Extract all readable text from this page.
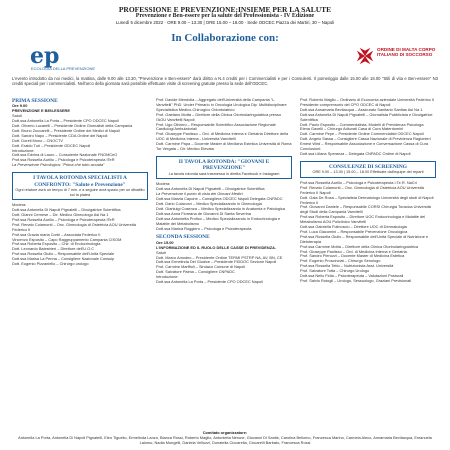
ep
ECOLOGIA DELLA PREVENZIONE
PROFESSIONE E PREVENZIONE:INSIEME PER LA SALUTE
Prevenzione e Ben-essere per la salute del Professionista - IV Edizione
Lunedì 5 dicembre 2022 · ORE 9.00 – 13.30 | ORE 15.00 – 18.00 · Sede ODCEC Piazza dei Martiri, 30 – Napoli
In Collaborazione con:
ORDINE DI MALTA CORPO ITALIANO DI SOCCORSO
L'evento introdotto da noi medici, la mattina, dalle 9.00 alle 13.30, "Prevenzione e Ben-essere" darà diritto a N.4 crediti per i Commercialisti e per i Consulenti. Il pomeriggio dalle 15.00 alle 18.00 "Stili di vita e Ben-essere" N3 crediti speciali per i commercialisti. Nell'arco della giornata sarà possibile effettuare visite di screening gratuite presso la sede dell'ODCEC.
PRIMA SESSIONE
Ore 9.00
PREVENZIONE E BEN-ESSERE
Saluti
Dott.ssa Antonella La Porta – Presidente CPO ODCEC Napoli
Dott. Oliverio Lucarelli – Presidente Ordine Giornalisti della Campania
Dott. Bruno Zuccarelli – Presidente Ordine dei Medici di Napoli
Dott. Sandro Napo – Presidente CDA Ordine dei Napoli
Dott. Dorell Mono – CNOCTV
Dott. Eraldo Turi – Presidente ODCEC Napoli
Introduzione:
Dott.ssa Edvina di Lauro – Consulente Nazionale FNOMCeO
Prof.ssa Rossella Aurilio – Psicologa e Psicoterapeuta ITeR
La Prevenzione Psicologica: "Prima che tutto accada"
I TAVOLA ROTONDA SPECIALISTI A CONFRONTO: "Salute e Prevenzione"
Ogni relatore avrà un tempo di 7 min. e a seguire avrà spazio per un dibattito sul la platea
Modera:
Dott.ssa Antonella Di Napoli Pignatelli – Divulgatrice Scientifica
Dott. Gianni Cernese – Dir. Medico Ginecologo Asl Na 1
Prof.ssa Rossella Aurilio – Psicologa e Psicoterapeuta ITeR
Prof. Renato Colamonti – Onc. Ginecologia di Ostetricia AOU Università Federico II
Prof.ssa Grazia maria Corbi – Associata Federico II
Vincenzo Esposito – Capo Raggruppamento Campania CISOM
Prof.ssa Roberta Esposito – Chir. di Endocrinologia
Dott. Leonardo Balestrieri – Direttore dell'U.O.C
Prof.ssa Rossella Giullo – Responsabile dell'Unità Speciale
Dott.ssa Marisa La Penna – Consigliere Nazionale Consulp
Dott. Eugenio Pizzaniello – Chirurgo urologo
Prof. Davide Mendolia – Aggregato dell'Università della Campania "L. Vanvitelli" PhD. Under Primario in Oncologia Urologica Dip. Multidisciplinare Specialistica Medico-Chirurgico Odontoiatrico
Prof. Gaetano Motta – Direttore della Clinica Otorinolaringoiatrica presso l'AOU Vanvitelli Napoli
Prof. Ugo Oliviero – Responsabile Scientifico Associazione Regionale Cardiologi Ambulatoriali
Prof. Giuseppe Paolisso – Ord. di Medicina Interna e Geriatria Direttore della UOC di Medicina Interna - Università Vanvitelli
Dott. Carmine Papa – Docente Master di Medicina Estetica Università di Roma Tor Vergata – Dir. Medico Elevata
II TAVOLA ROTONDA: "GIOVANI E PREVENZIONE"
La tavola rotonda sarà trasmessa in diretta Facebook e Instagram
Modera:
Dott.ssa Antonella Di Napoli Pignatelli – Divulgatrice Scientifica
La Prevenzione il punto di vista dei Giovani Medici
Dott.ssa Marzia Capone – Consigliera ODCEC Napoli Delegata CNPADC
Dott. Dario Colacurci – Medico Specializzando in Ginecologia
Dott. Gianluigi Cosenza – Medico Specializzando in Anatomia e Patologica
Dott.ssa Anna Floreana de Giovanni Di Santa Severina
Dott.ssa Antonietta Profico – Medico Specializzando in Endocrinologia e Malattie del Metabolismo
Dott.ssa Marica Ruggiero – Psicologa e Psicoterapeuta
SECONDA SESSIONE
Ore 15.00
L'INFORMAZIONE ED IL RUOLO DELLE CASSE DI PREVIDENZA.
Saluti
Dott. Marco Amodeo – Presidente Ordine TERMI PSTRP NA, AV, BN, CE
Dott.ssa Ermelinda Del Giudice – Presidente FIDDOC Sezione Napoli
Prof. Carmine Marffioli – Sindaco Comune di Napoli
Dott. Salvatore Palma – Consigliere CNPADC
Introduzione:
Dott.ssa Antonella La Porta – Presidente CPO ODCEC Napoli
Prof. Roberto Maglio – Ordinario di Economia aziendale Università Federico II Presidente comprensorio del CPO ODCEC di Napoli
Dott.ssa Annamaria Bevilacqua – Assicurato Sanitario Sanitas Asl Na 1
Dott.ssa Antonella Di Napoli Pignatelli – Giornalista Pubblicista e Divulgatrice Scientifica
Dott. Paolo Esposito – Commercialista, Modelli di Previdenza Psicologa
Elena Gavelli – Chirurgo Adiuvati Casa di Cura Materdomini
Dott. Carmine Pepe – Presidente Ordine Commercialisti ODCEC Napoli
Dott. Angelo Sassa – Consigliere Cassa Nazionale di Previdenza Ragionieri
Ernest Wird – Responsabile Associazione e Conversazione Cassa di Cura
Conclusioni:
Dott.ssa Liliana Speranza – Delegata CNPADC Ordine di Napoli
CONSULENZE DI SCREENING
ORE 9.00 – 13.30 | 15.00 – 18.00 Effettuate dall'equipe dei reparti
Prof.ssa Rossella Aurilio – Psicologa e Psicoterapeuta I.Te.R. NaCri
Prof. Renato Colamonti – Onc. Ginecologia di Ostetricia AOU Università Federico II Napoli
Dott. Gaia De Rosa – Specialista Dermatologo Università degli studi di Napoli Federico II
Prof. Giovanni Daniele – Responsabile CORSI Chirurgia Toracica Università degli Studi della Campania Vanvitelli
Prof.ssa Roberta Esposito – Direttore UOC Endocrinologia e Malattie del Metabolismo AOU Policlinico Vanvitelli
Dott.ssa Gabriella Folinoscio – Direttore UOC di Dermatologia
Prof. Luca Giacomini – Responsabile Prevenzione Oncologica
Prof.ssa Rossella Giullo – Responsabile dell'Unità Speciale di Nutrizione e Dietoterapia
Prof.ssa Carmine Motta – Direttore della Clinica Otorinolaringoiatrica
Prof. Giuseppe Paolisso – Ord. di Medicina Interna e Geriatria
Prof. Sandro Pieruzzi – Docente Master di Medicina Estetica
Prof. Eugenio Proscinciat – Chirurgo Senologo
Prof.ssa Rossella Tetto – Nutrizionista Asst. Università
Prof. Salvatore Totta – Chirurgo Urologo
Dott.ssa Nello Fidia – Psicoterapeuta – Valutazioni Posturali
Prof. Salvio Rotogli – Urologo, Sessuologo, Graziani Previsionali
Comitato organizzatore:
Antonella La Porta, Antonella Di Napoli Pignatelli, Eleo Tiguelio, Ermelinda Lanzo, Bianca Rossi, Roberto Maglio, Antonietta Nerone, Giovanni Di Santis, Carolina Bellomo, Francesca Marino, Carmela Aleco, Annamaria Bevilacqua, Emanuela Lalomo, Nadia Mongelli, Daniela Velluzzi, Donatella Ciccarella, Ciccarelli Barbato, Francesca Rossi
